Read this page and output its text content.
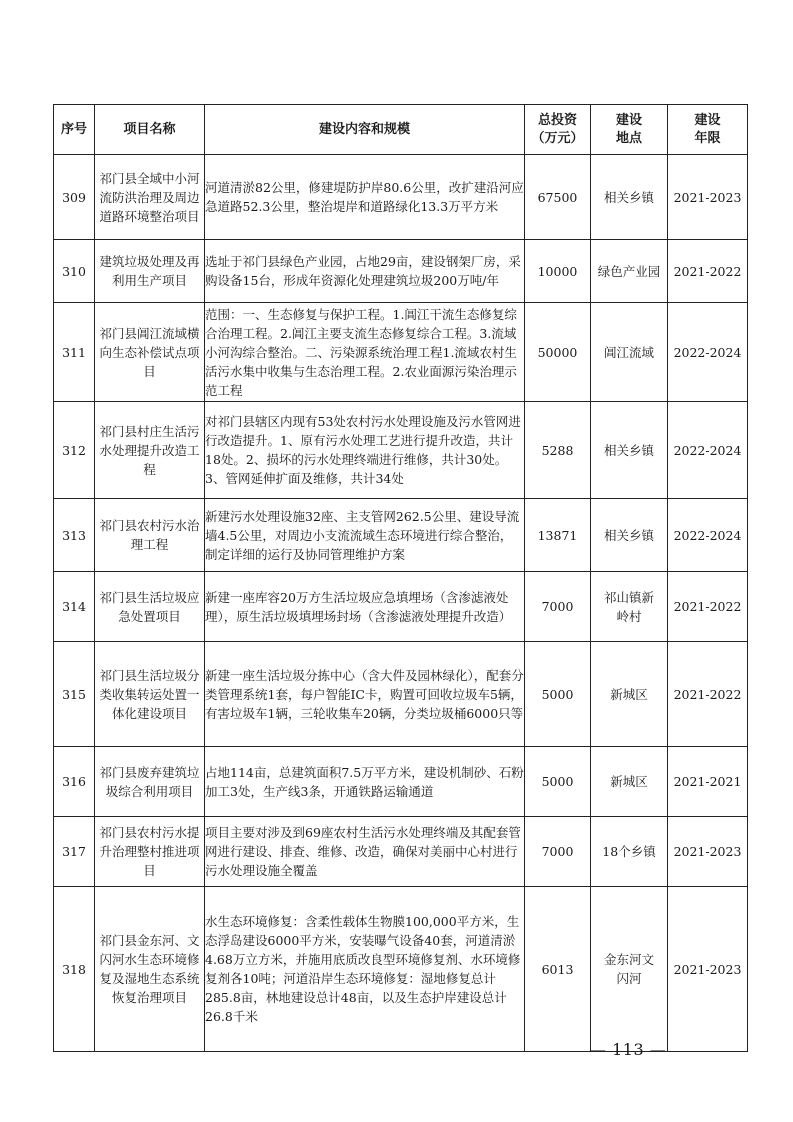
序号	项目名称	建设内容和规模	总投资（万元）	建设地点	建设年限

309	祁门县全域中小河流防洪治理及周边道路环境整治项目	河道清淤82公里，修建堤防护岸80.6公里，改扩建沿河应急道路52.3公里，整治堤岸和道路绿化13.3万平方米	67500	相关乡镇	2021-2023
310	建筑垃圾处理及再利用生产项目	选址于祁门县绿色产业园，占地29亩，建设钢架厂房，采购设备15台，形成年资源化处理建筑垃圾200万吨/年	10000	绿色产业园	2021-2022
311	祁门县阊江流域横向生态补偿试点项目	范围：一、生态修复与保护工程。1.阊江干流生态修复综合治理工程。2.阊江主要支流生态修复综合工程。3.流域小河沟综合整治。二、污染源系统治理工程1.流域农村生活污水集中收集与生态治理工程。2.农业面源污染治理示范工程	50000	阊江流域	2022-2024
312	祁门县村庄生活污水处理提升改造工程	对祁门县辖区内现有53处农村污水处理设施及污水管网进行改造提升。1、原有污水处理工艺进行提升改造，共计18处。2、损坏的污水处理终端进行维修，共计30处。3、管网延伸扩面及维修，共计34处	5288	相关乡镇	2022-2024
313	祁门县农村污水治理工程	新建污水处理设施32座、主支管网262.5公里、建设导流墙4.5公里，对周边小支流流域生态环境进行综合整治，制定详细的运行及协同管理维护方案	13871	相关乡镇	2022-2024
314	祁门县生活垃圾应急处置项目	新建一座库容20万方生活垃圾应急填埋场（含渗滤液处理），原生活垃圾填埋场封场（含渗滤液处理提升改造）	7000	祁山镇新岭村	2021-2022
315	祁门县生活垃圾分类收集转运处置一体化建设项目	新建一座生活垃圾分拣中心（含大件及园林绿化），配套分类管理系统1套，每户智能IC卡，购置可回收垃圾车5辆，有害垃圾车1辆，三轮收集车20辆，分类垃圾桶6000只等	5000	新城区	2021-2022
316	祁门县废弃建筑垃圾综合利用项目	占地114亩，总建筑面积7.5万平方米，建设机制砂、石粉加工3处，生产线3条，开通铁路运输通道	5000	新城区	2021-2021
317	祁门县农村污水提升治理整村推进项目	项目主要对涉及到69座农村生活污水处理终端及其配套管网进行建设、排查、维修、改造，确保对美丽中心村进行污水处理设施全覆盖	7000	18个乡镇	2021-2023
318	祁门县金东河、文闪河水生态环境修复及湿地生态系统恢复治理项目	水生态环境修复：含柔性载体生物膜100,000平方米，生态浮岛建设6000平方米，安装曝气设备40套，河道清淤4.68万立方米，并施用底质改良型环境修复剂、水环境修复剂各10吨；河道沿岸生态环境修复：湿地修复总计285.8亩，林地建设总计48亩，以及生态护岸建设总计26.8千米	6013	金东河文闪河	2021-2023
— 113 —
